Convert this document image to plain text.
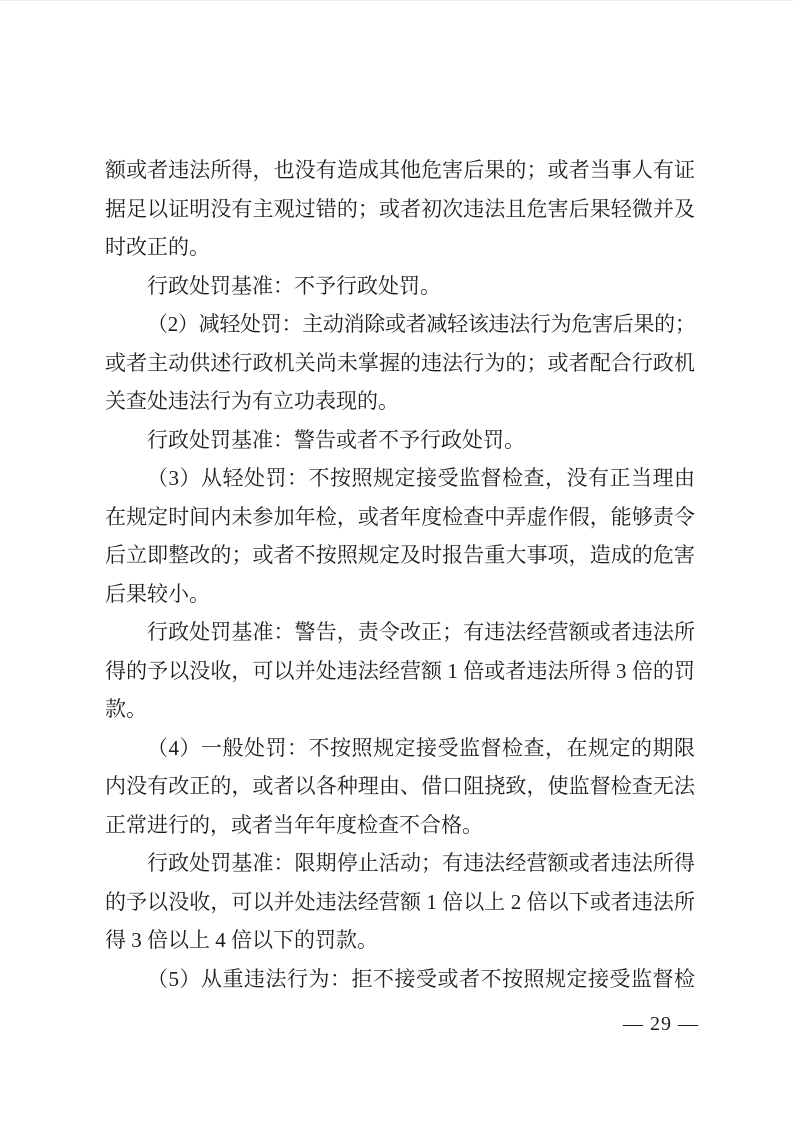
额或者违法所得，也没有造成其他危害后果的；或者当事人有证
据足以证明没有主观过错的；或者初次违法且危害后果轻微并及
时改正的。
行政处罚基准：不予行政处罚。
（2）减轻处罚：主动消除或者减轻该违法行为危害后果的；
或者主动供述行政机关尚未掌握的违法行为的；或者配合行政机
关查处违法行为有立功表现的。
行政处罚基准：警告或者不予行政处罚。
（3）从轻处罚：不按照规定接受监督检查，没有正当理由
在规定时间内未参加年检，或者年度检查中弄虚作假，能够责令
后立即整改的；或者不按照规定及时报告重大事项，造成的危害
后果较小。
行政处罚基准：警告，责令改正；有违法经营额或者违法所
得的予以没收，可以并处违法经营额 1 倍或者违法所得 3 倍的罚
款。
（4）一般处罚：不按照规定接受监督检查，在规定的期限
内没有改正的，或者以各种理由、借口阻挠致，使监督检查无法
正常进行的，或者当年年度检查不合格。
行政处罚基准：限期停止活动；有违法经营额或者违法所得
的予以没收，可以并处违法经营额 1 倍以上 2 倍以下或者违法所
得 3 倍以上 4 倍以下的罚款。
（5）从重违法行为：拒不接受或者不按照规定接受监督检
— 29 —
